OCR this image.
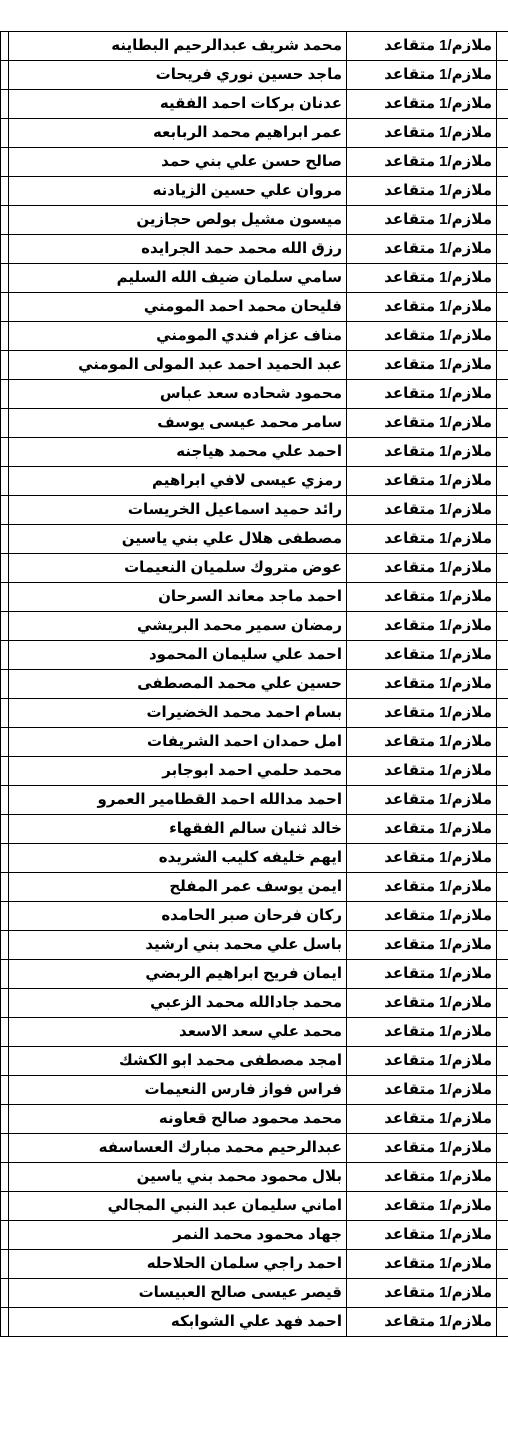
	محمد شريف عبدالرحيم البطاينه	ملازم/1 متقاعد	
	ماجد حسين نوري فريحات	ملازم/1 متقاعد	
	عدنان بركات احمد الفقيه	ملازم/1 متقاعد	
	عمر ابراهيم محمد الربابعه	ملازم/1 متقاعد	
	صالح حسن علي بني حمد	ملازم/1 متقاعد	
	مروان علي حسين الزيادنه	ملازم/1 متقاعد	
	ميسون مشيل بولص حجازين	ملازم/1 متقاعد	
	رزق الله محمد حمد الجرايده	ملازم/1 متقاعد	
	سامي سلمان ضيف الله السليم	ملازم/1 متقاعد	
	فليحان محمد احمد المومني	ملازم/1 متقاعد	
	مناف عزام فندي المومني	ملازم/1 متقاعد	
	عبد الحميد احمد عبد المولى المومني	ملازم/1 متقاعد	
	محمود شحاده سعد عباس	ملازم/1 متقاعد	
	سامر محمد عيسى يوسف	ملازم/1 متقاعد	
	احمد علي محمد هياجنه	ملازم/1 متقاعد	
	رمزي عيسى لافي ابراهيم	ملازم/1 متقاعد	
	رائد حميد اسماعيل الخريسات	ملازم/1 متقاعد	
	مصطفى هلال علي بني ياسين	ملازم/1 متقاعد	
	عوض متروك سلميان النعيمات	ملازم/1 متقاعد	
	احمد ماجد معاند السرحان	ملازم/1 متقاعد	
	رمضان سمير محمد البريشي	ملازم/1 متقاعد	
	احمد علي سليمان المحمود	ملازم/1 متقاعد	
	حسين علي محمد المصطفى	ملازم/1 متقاعد	
	بسام احمد محمد الخضيرات	ملازم/1 متقاعد	
	امل حمدان احمد الشريفات	ملازم/1 متقاعد	
	محمد حلمي احمد ابوجابر	ملازم/1 متقاعد	
	احمد مدالله احمد القطامير العمرو	ملازم/1 متقاعد	
	خالد ثنيان سالم الفقهاء	ملازم/1 متقاعد	
	ايهم خليفه كليب الشريده	ملازم/1 متقاعد	
	ايمن يوسف عمر المفلح	ملازم/1 متقاعد	
	ركان فرحان صبر الحامده	ملازم/1 متقاعد	
	باسل علي محمد بني ارشيد	ملازم/1 متقاعد	
	ايمان فريح ابراهيم الربضي	ملازم/1 متقاعد	
	محمد جادالله محمد الزعبي	ملازم/1 متقاعد	
	محمد علي سعد الاسعد	ملازم/1 متقاعد	
	امجد مصطفى محمد ابو الكشك	ملازم/1 متقاعد	
	فراس فواز فارس النعيمات	ملازم/1 متقاعد	
	محمد محمود صالح قعاونه	ملازم/1 متقاعد	
	عبدالرحيم محمد مبارك العساسفه	ملازم/1 متقاعد	
	بلال محمود محمد بني ياسين	ملازم/1 متقاعد	
	اماني سليمان عبد النبي المجالي	ملازم/1 متقاعد	
	جهاد محمود محمد النمر	ملازم/1 متقاعد	
	احمد راجي سلمان الحلاحله	ملازم/1 متقاعد	
	قيصر عيسى صالح العبيسات	ملازم/1 متقاعد	
	احمد فهد علي الشوابكه	ملازم/1 متقاعد	
